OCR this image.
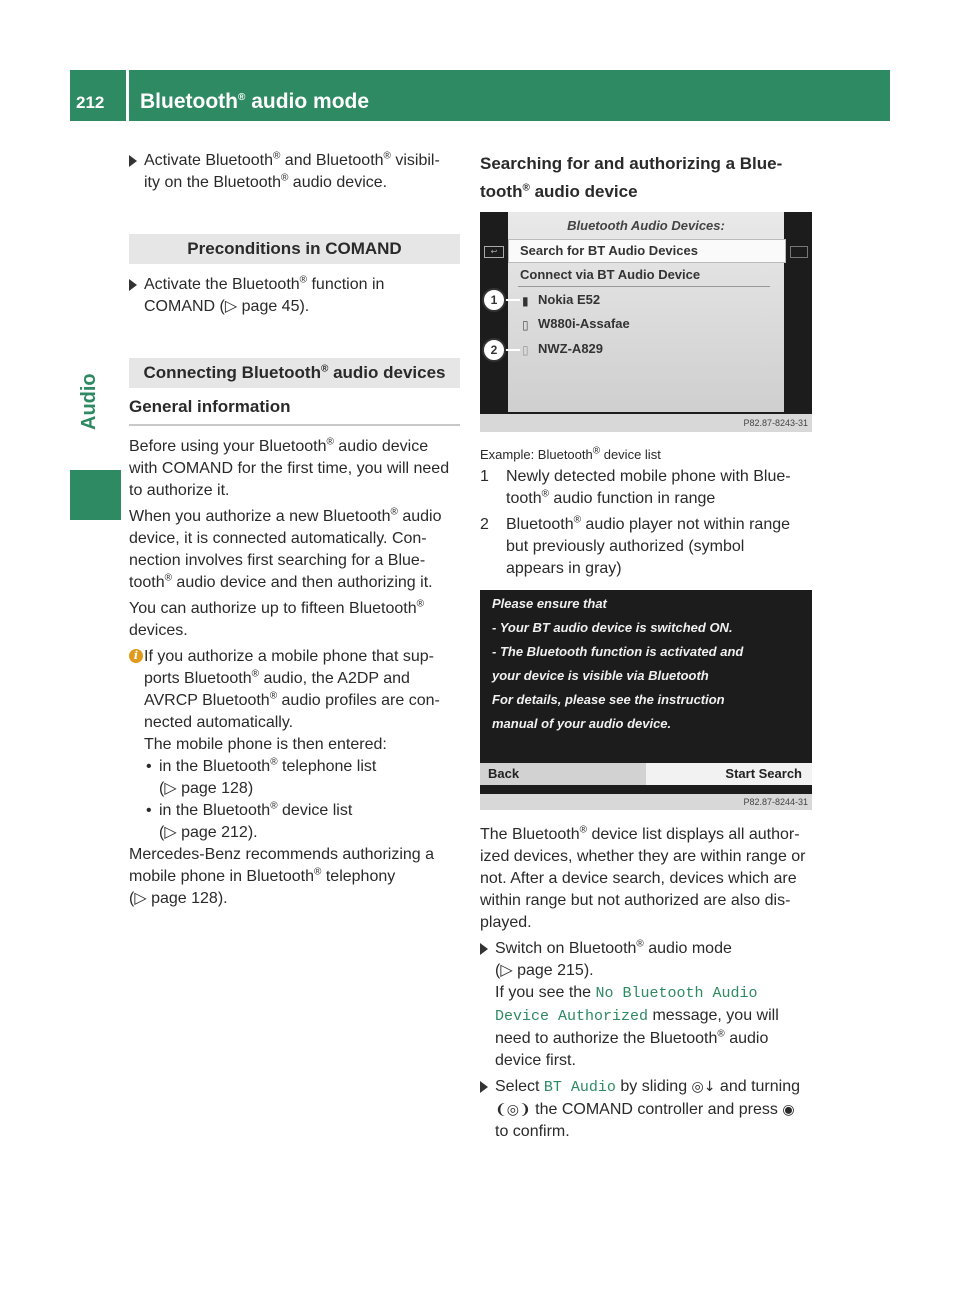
212 Bluetooth® audio mode
Audio

Activate Bluetooth® and Bluetooth® visibil-
ity on the Bluetooth® audio device.

Preconditions in COMAND

Activate the Bluetooth® function in
COMAND (▷ page 45).

Connecting Bluetooth® audio devices
General information

Before using your Bluetooth® audio device
with COMAND for the first time, you will need
to authorize it.

When you authorize a new Bluetooth® audio
device, it is connected automatically. Con-
nection involves first searching for a Blue-
tooth® audio device and then authorizing it.

You can authorize up to fifteen Bluetooth®
devices.

i If you authorize a mobile phone that sup-
ports Bluetooth® audio, the A2DP and
AVRCP Bluetooth® audio profiles are con-
nected automatically.

The mobile phone is then entered:

• in the Bluetooth® telephone list
(▷ page 128)

• in the Bluetooth® device list
(▷ page 212).

Mercedes-Benz recommends authorizing a
mobile phone in Bluetooth® telephony
(▷ page 128).

Searching for and authorizing a Blue-
tooth® audio device
Bluetooth Audio Devices:
Search for BT Audio Devices
Connect via BT Audio Device
Nokia E52
W880i-Assafae
NWZ-A829
▮
▯
▯
↩
1
2
P82.87-8243-31

Example: Bluetooth® device list

1 Newly detected mobile phone with Blue-
tooth® audio function in range

2 Bluetooth® audio player not within range
but previously authorized (symbol
appears in gray)

Please ensure that
- Your BT audio device is switched ON.
- The Bluetooth function is activated and
your device is visible via Bluetooth
For details, please see the instruction
manual of your audio device.
Back	Start Search
P82.87-8244-31

The Bluetooth® device list displays all author-
ized devices, whether they are within range or
not. After a device search, devices which are
within range but not authorized are also dis-
played.

Switch on Bluetooth® audio mode
(▷ page 215).
If you see the No Bluetooth Audio
Device Authorized message, you will
need to authorize the Bluetooth® audio
device first.

Select BT Audio by sliding ◎↓ and turning
❨◎❩ the COMAND controller and press ◉
to confirm.
